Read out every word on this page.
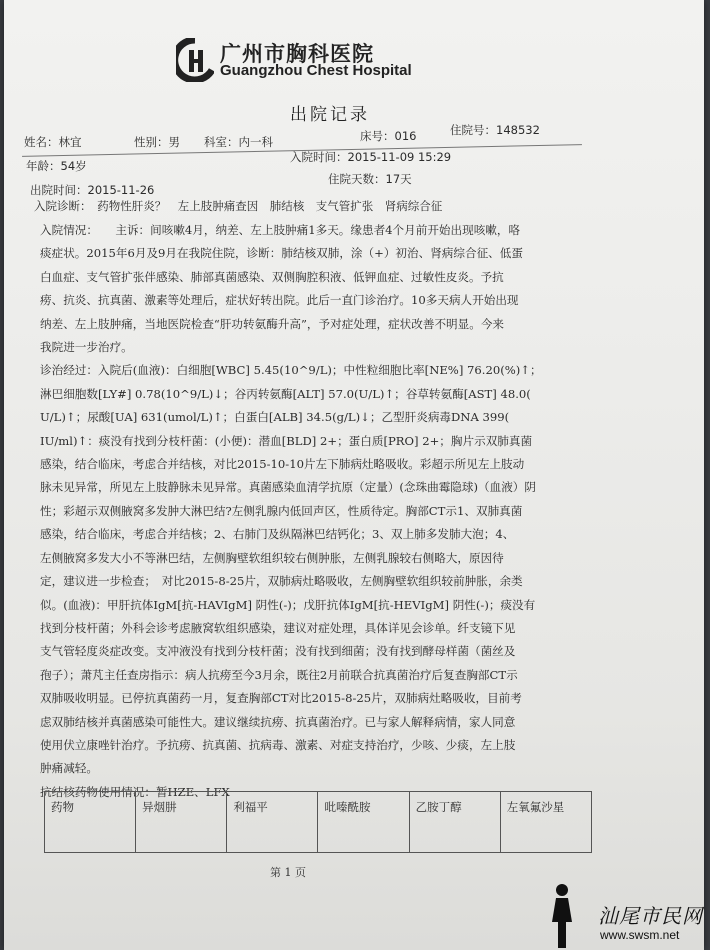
广州市胸科医院
Guangzhou Chest Hospital
出院记录
姓名：林宜	性别：男 科室：内一科	床号：016	住院号：148532
年龄：54岁
入院时间：2015-11-09 15:29
住院天数：17天
出院时间：2015-11-26
入院诊断：　药物性肝炎？　左上肢肿痛查因　肺结核　支气管扩张　肾病综合征

入院情况：　　主诉：间咳嗽4月，纳差、左上肢肿痛1多天。缘患者4个月前开始出现咳嗽，咯

痰症状。2015年6月及9月在我院住院，诊断：肺结核双肺，涂（+）初治、肾病综合征、低蛋

白血症、支气管扩张伴感染、肺部真菌感染、双侧胸腔积液、低钾血症、过敏性皮炎。予抗

痨、抗炎、抗真菌、激素等处理后，症状好转出院。此后一直门诊治疗。10多天病人开始出现

纳差、左上肢肿痛，当地医院检查“肝功转氨酶升高”，予对症处理，症状改善不明显。今来

我院进一步治疗。

诊治经过：入院后(血液)：白细胞[WBC] 5.45(10^9/L)；中性粒细胞比率[NE%] 76.20(%)↑；

淋巴细胞数[LY#] 0.78(10^9/L)↓；谷丙转氨酶[ALT] 57.0(U/L)↑；谷草转氨酶[AST] 48.0(

U/L)↑；尿酸[UA] 631(umol/L)↑；白蛋白[ALB] 34.5(g/L)↓；乙型肝炎病毒DNA 399(

IU/ml)↑：痰没有找到分枝杆菌：(小便)：潜血[BLD] 2+；蛋白质[PRO] 2+；胸片示双肺真菌

感染，结合临床，考虑合并结核，对比2015-10-10片左下肺病灶略吸收。彩超示所见左上肢动

脉未见异常，所见左上肢静脉未见异常。真菌感染血清学抗原（定量）(念珠曲霉隐球)（血液）阴

性；彩超示双侧腋窝多发肿大淋巴结?左侧乳腺内低回声区，性质待定。胸部CT示1、双肺真菌

感染，结合临床，考虑合并结核；2、右肺门及纵隔淋巴结钙化；3、双上肺多发肺大泡；4、

左侧腋窝多发大小不等淋巴结，左侧胸壁软组织较右侧肿胀，左侧乳腺较右侧略大，原因待

定，建议进一步检查；　对比2015-8-25片，双肺病灶略吸收，左侧胸壁软组织较前肿胀，余类

似。(血液)：甲肝抗体IgM[抗-HAVIgM] 阴性(-)；戊肝抗体IgM[抗-HEVIgM] 阴性(-)；痰没有

找到分枝杆菌；外科会诊考虑腋窝软组织感染，建议对症处理，具体详见会诊单。纤支镜下见

支气管轻度炎症改变。支冲液没有找到分枝杆菌；没有找到细菌；没有找到酵母样菌（菌丝及

孢子）；萧芃主任查房指示：病人抗痨至今3月余，既往2月前联合抗真菌治疗后复查胸部CT示

双肺吸收明显。已停抗真菌药一月，复查胸部CT对比2015-8-25片，双肺病灶略吸收，目前考

虑双肺结核并真菌感染可能性大。建议继续抗痨、抗真菌治疗。已与家人解释病情，家人同意

使用伏立康唑针治疗。予抗痨、抗真菌、抗病毒、激素、对症支持治疗，少咳、少痰，左上肢

肿痛减轻。

抗结核药物使用情况：暂HZE、LFX

药物	异烟肼	利福平	吡嗪酰胺	乙胺丁醇	左氧氟沙星
第 1 页
汕尾市民网
www.swsm.net
